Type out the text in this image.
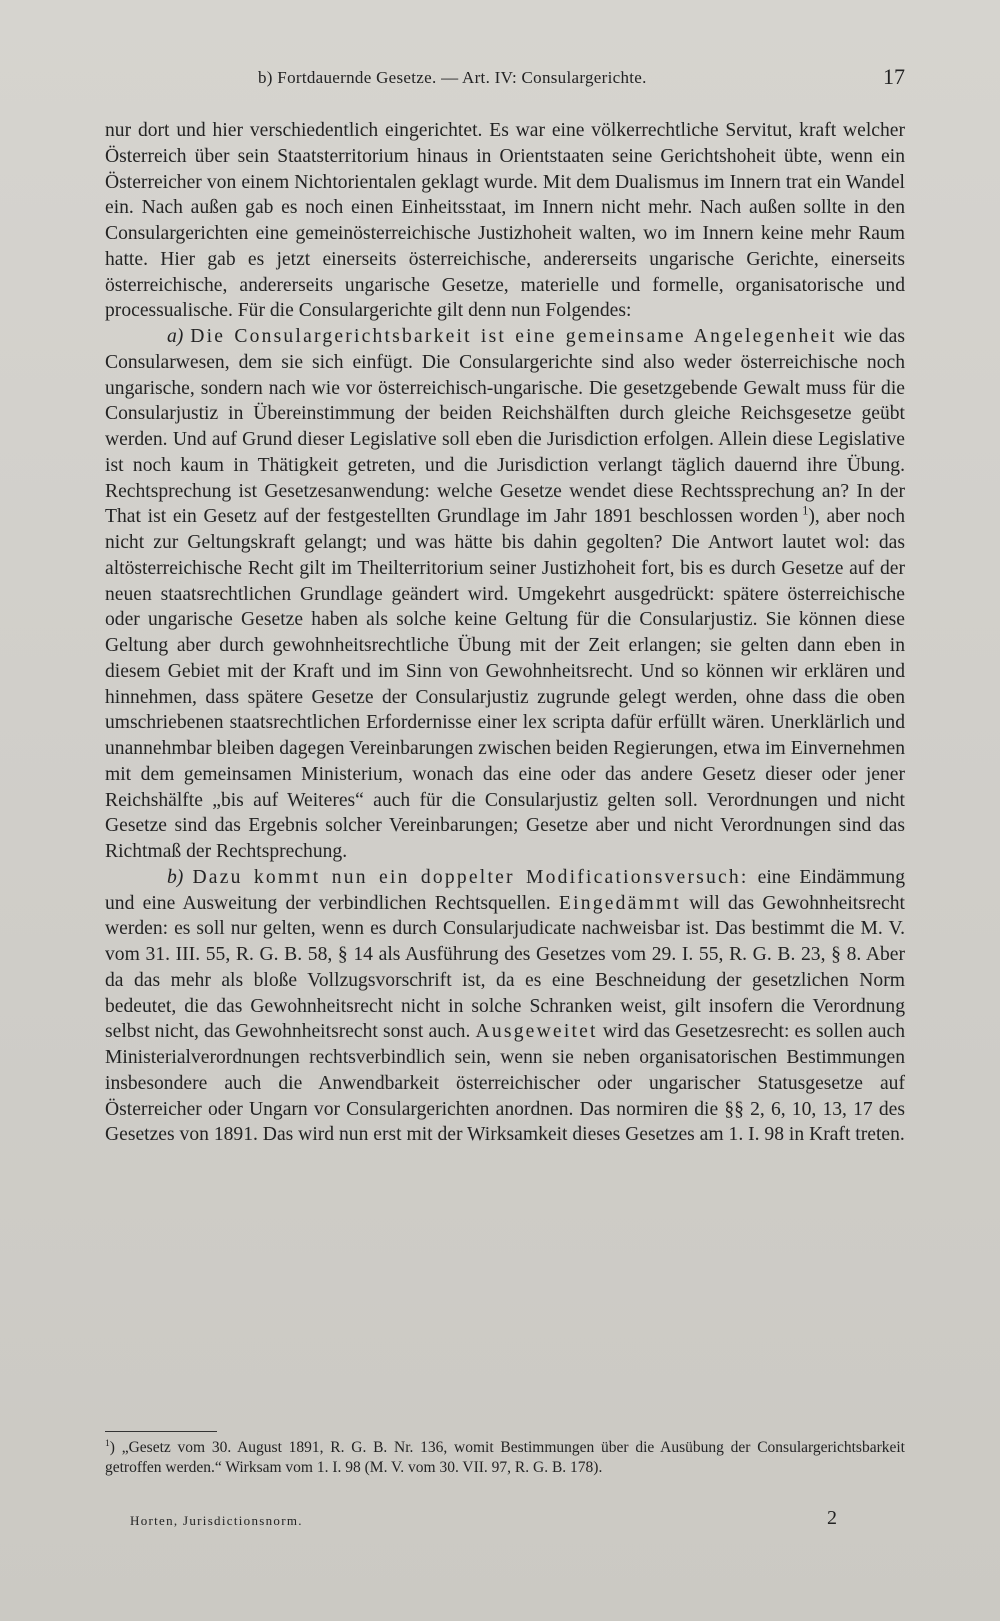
b) Fortdauernde Gesetze. — Art. IV: Consulargerichte.	17

nur dort und hier verschiedentlich eingerichtet. Es war eine völkerrechtliche Servitut, kraft welcher Österreich über sein Staatsterritorium hinaus in Orientstaaten seine Gerichtshoheit übte, wenn ein Österreicher von einem Nichtorientalen geklagt wurde. Mit dem Dualismus im Innern trat ein Wandel ein. Nach außen gab es noch einen Einheitsstaat, im Innern nicht mehr. Nach außen sollte in den Consulargerichten eine gemeinösterreichische Justizhoheit walten, wo im Innern keine mehr Raum hatte. Hier gab es jetzt einerseits österreichische, andererseits ungarische Gerichte, einerseits österreichische, andererseits ungarische Gesetze, materielle und formelle, organisatorische und processualische. Für die Consulargerichte gilt denn nun Folgendes:

a) Die Consulargerichtsbarkeit ist eine gemeinsame Angelegenheit wie das Consularwesen, dem sie sich einfügt. Die Consulargerichte sind also weder österreichische noch ungarische, sondern nach wie vor österreichisch-ungarische. Die gesetzgebende Gewalt muss für die Consularjustiz in Übereinstimmung der beiden Reichshälften durch gleiche Reichsgesetze geübt werden. Und auf Grund dieser Legislative soll eben die Jurisdiction erfolgen. Allein diese Legislative ist noch kaum in Thätigkeit getreten, und die Jurisdiction verlangt täglich dauernd ihre Übung. Rechtsprechung ist Gesetzesanwendung: welche Gesetze wendet diese Rechtssprechung an? In der That ist ein Gesetz auf der festgestellten Grundlage im Jahr 1891 beschlossen worden  $^1$), aber noch nicht zur Geltungskraft gelangt; und was hätte bis dahin gegolten? Die Antwort lautet wol: das altösterreichische Recht gilt im Theilterritorium seiner Justizhoheit fort, bis es durch Gesetze auf der neuen staatsrechtlichen Grundlage geändert wird. Umgekehrt ausgedrückt: spätere österreichische oder ungarische Gesetze haben als solche keine Geltung für die Consularjustiz. Sie können diese Geltung aber durch gewohnheitsrechtliche Übung mit der Zeit erlangen; sie gelten dann eben in diesem Gebiet mit der Kraft und im Sinn von Gewohnheitsrecht. Und so können wir erklären und hinnehmen, dass spätere Gesetze der Consularjustiz zugrunde gelegt werden, ohne dass die oben umschriebenen staatsrechtlichen Erfordernisse einer lex scripta dafür erfüllt wären. Unerklärlich und unannehmbar bleiben dagegen Vereinbarungen zwischen beiden Regierungen, etwa im Einvernehmen mit dem gemeinsamen Ministerium, wonach das eine oder das andere Gesetz dieser oder jener Reichshälfte „bis auf Weiteres“ auch für die Consularjustiz gelten soll. Verordnungen und nicht Gesetze sind das Ergebnis solcher Vereinbarungen; Gesetze aber und nicht Verordnungen sind das Richtmaß der Rechtsprechung.

b) Dazu kommt nun ein doppelter Modificationsversuch: eine Eindämmung und eine Ausweitung der verbindlichen Rechtsquellen. Eingedämmt will das Gewohnheitsrecht werden: es soll nur gelten, wenn es durch Consularjudicate nachweisbar ist. Das bestimmt die M. V. vom 31. III. 55, R. G. B. 58, § 14 als Ausführung des Gesetzes vom 29. I. 55, R. G. B. 23, § 8. Aber da das mehr als bloße Vollzugsvorschrift ist, da es eine Beschneidung der gesetzlichen Norm bedeutet, die das Gewohnheitsrecht nicht in solche Schranken weist, gilt insofern die Verordnung selbst nicht, das Gewohnheitsrecht sonst auch. Ausgeweitet wird das Gesetzesrecht: es sollen auch Ministerialverordnungen rechtsverbindlich sein, wenn sie neben organisatorischen Bestimmungen insbesondere auch die Anwendbarkeit österreichischer oder ungarischer Statusgesetze auf Österreicher oder Ungarn vor Consulargerichten anordnen. Das normiren die §§ 2, 6, 10, 13, 17 des Gesetzes von 1891. Das wird nun erst mit der Wirksamkeit dieses Gesetzes am 1. I. 98 in Kraft treten.

$^1$) „Gesetz vom 30. August 1891, R. G. B. Nr. 136, womit Bestimmungen über die Ausübung der Consulargerichtsbarkeit getroffen werden.“ Wirksam vom 1. I. 98 (M. V. vom 30. VII. 97, R. G. B. 178).
Horten, Jurisdictionsnorm.	2
